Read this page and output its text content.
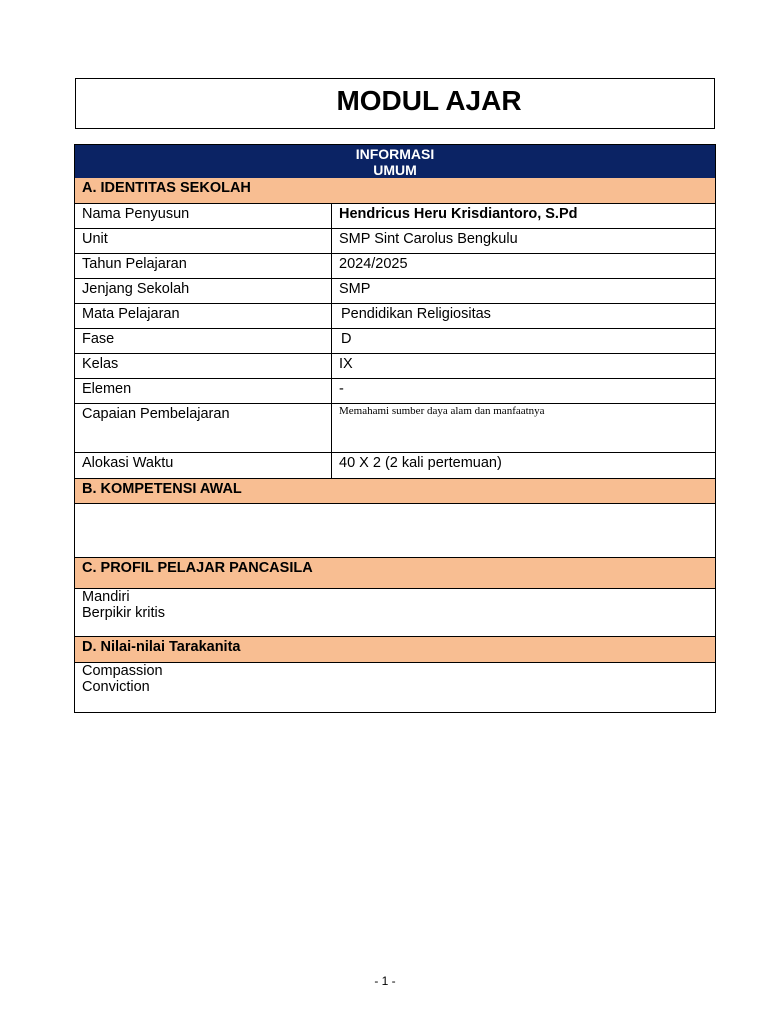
MODUL AJAR
INFORMASI
UMUM
A. IDENTITAS SEKOLAH
Nama Penyusun	Hendricus Heru Krisdiantoro, S.Pd
Unit	SMP Sint Carolus Bengkulu
Tahun Pelajaran	2024/2025
Jenjang Sekolah	SMP
Mata Pelajaran	Pendidikan Religiositas
Fase	D
Kelas	IX
Elemen	-
Capaian Pembelajaran	Memahami sumber daya alam dan manfaatnya
Alokasi Waktu	40 X 2 (2 kali pertemuan)
B. KOMPETENSI AWAL
C. PROFIL PELAJAR PANCASILA
Mandiri
Berpikir kritis
D. Nilai-nilai Tarakanita
Compassion
Conviction
- 1 -
